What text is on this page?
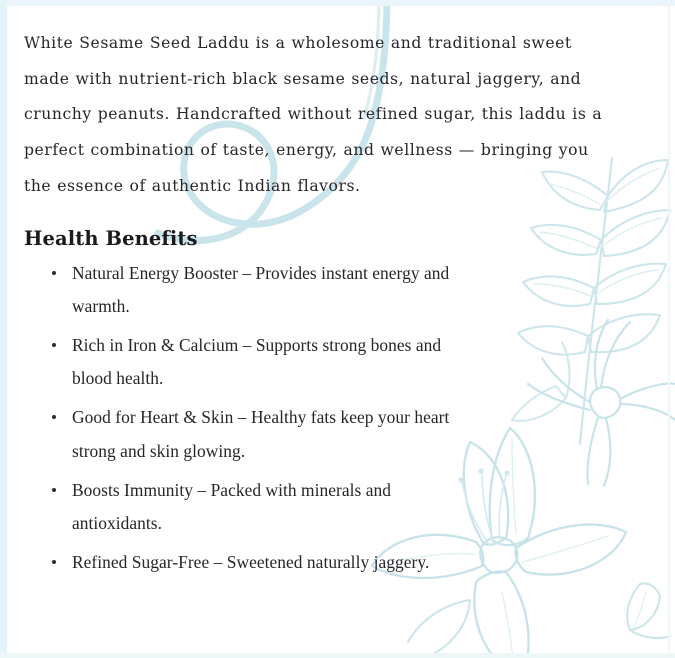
White Sesame Seed Laddu is a wholesome and traditional sweet made with nutrient-rich black sesame seeds, natural jaggery, and crunchy peanuts. Handcrafted without refined sugar, this laddu is a perfect combination of taste, energy, and wellness — bringing you the essence of authentic Indian flavors.

Health Benefits
Natural Energy Booster – Provides instant energy and warmth.
Rich in Iron & Calcium – Supports strong bones and blood health.
Good for Heart & Skin – Healthy fats keep your heart strong and skin glowing.
Boosts Immunity – Packed with minerals and antioxidants.
Refined Sugar-Free – Sweetened naturally jaggery.
